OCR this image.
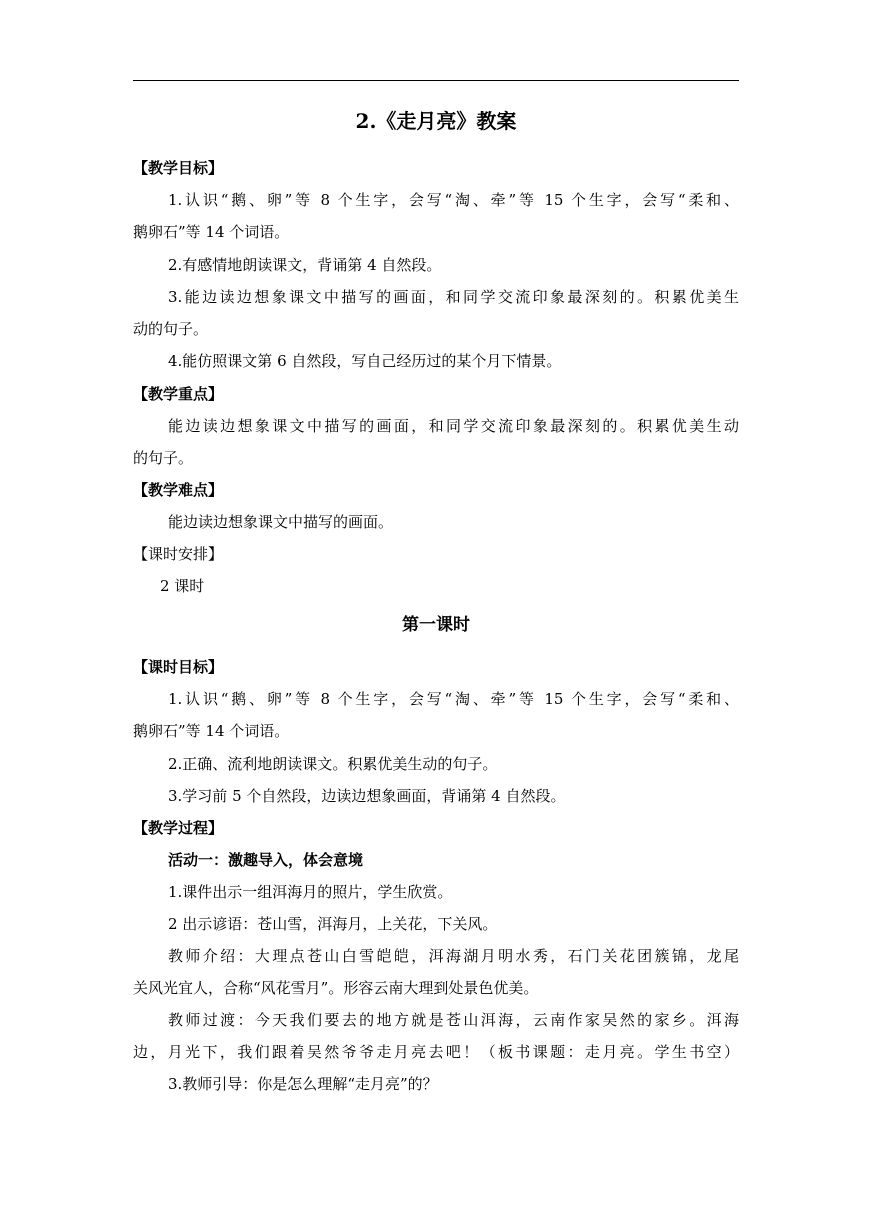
2.《走月亮》教案
【教学目标】
1.认识“鹅、卵”等 8 个生字，会写“淘、牵”等 15 个生字，会写“柔和、
鹅卵石”等 14 个词语。
2.有感情地朗读课文，背诵第 4 自然段。
3.能边读边想象课文中描写的画面，和同学交流印象最深刻的。积累优美生
动的句子。
4.能仿照课文第 6 自然段，写自己经历过的某个月下情景。
【教学重点】
能边读边想象课文中描写的画面，和同学交流印象最深刻的。积累优美生动
的句子。
【教学难点】
能边读边想象课文中描写的画面。
【课时安排】
2 课时
第一课时
【课时目标】
1.认识“鹅、卵”等 8 个生字，会写“淘、牵”等 15 个生字，会写“柔和、
鹅卵石”等 14 个词语。
2.正确、流利地朗读课文。积累优美生动的句子。
3.学习前 5 个自然段，边读边想象画面，背诵第 4 自然段。
【教学过程】
活动一：激趣导入，体会意境
1.课件出示一组洱海月的照片，学生欣赏。
2 出示谚语：苍山雪，洱海月，上关花，下关风。
教师介绍：大理点苍山白雪皑皑，洱海湖月明水秀，石门关花团簇锦，龙尾
关风光宜人，合称“风花雪月”。形容云南大理到处景色优美。
教师过渡：今天我们要去的地方就是苍山洱海，云南作家吴然的家乡。洱海
边，月光下，我们跟着吴然爷爷走月亮去吧！（板书课题：走月亮。学生书空）
3.教师引导：你是怎么理解“走月亮”的？
